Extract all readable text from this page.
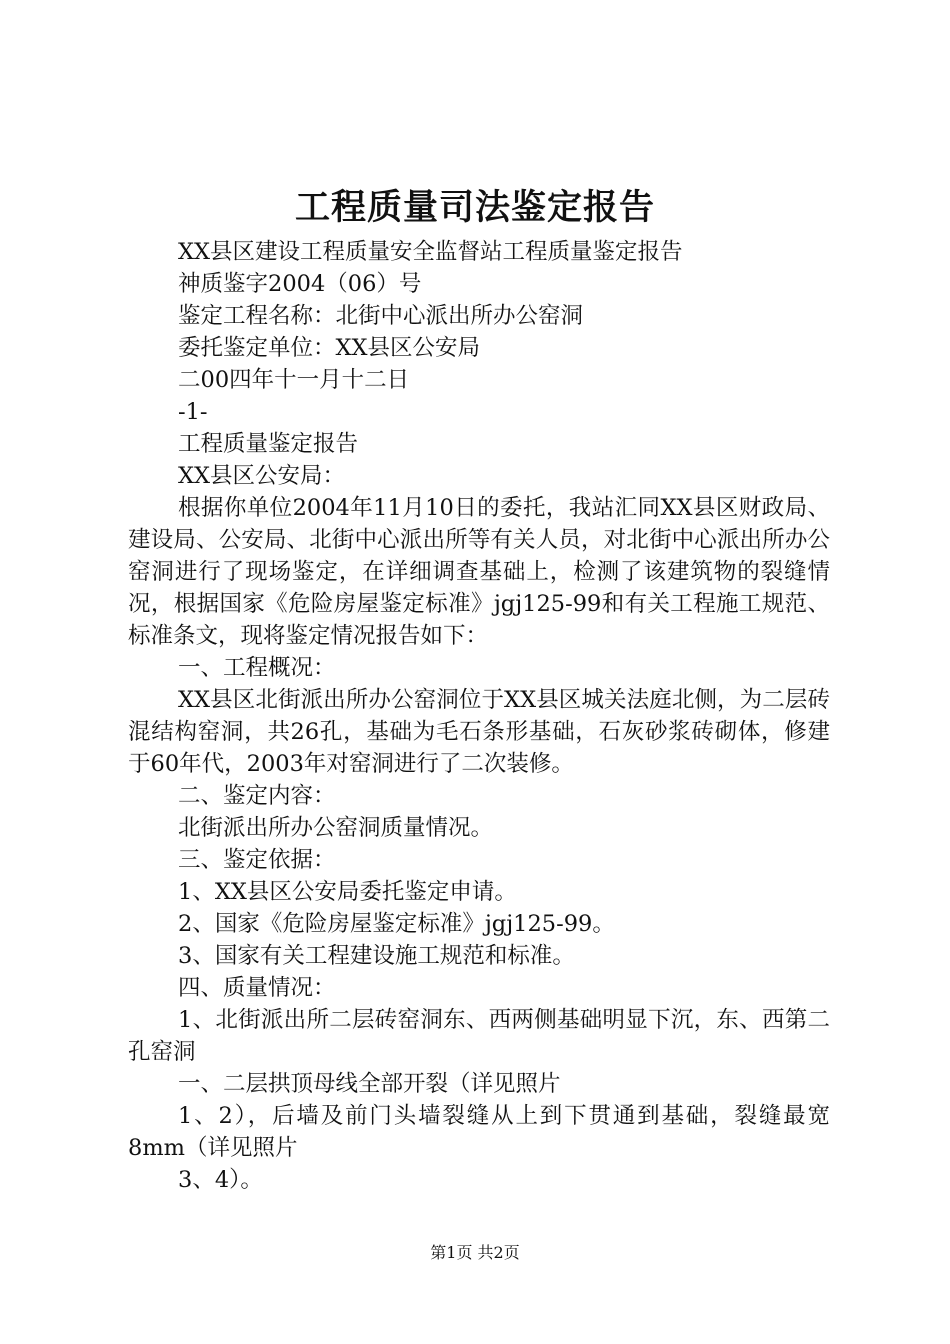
工程质量司法鉴定报告

XX县区建设工程质量安全监督站工程质量鉴定报告

神质鉴字2004（06）号

鉴定工程名称：北街中心派出所办公窑洞

委托鉴定单位：XX县区公安局

二00四年十一月十二日

-1-

工程质量鉴定报告

XX县区公安局：

根据你单位2004年11月10日的委托，我站汇同XX县区财政局、建设局、公安局、北街中心派出所等有关人员，对北街中心派出所办公窑洞进行了现场鉴定，在详细调查基础上，检测了该建筑物的裂缝情况，根据国家《危险房屋鉴定标准》jgj125-99和有关工程施工规范、标准条文，现将鉴定情况报告如下：

一、工程概况：

XX县区北街派出所办公窑洞位于XX县区城关法庭北侧，为二层砖混结构窑洞，共26孔，基础为毛石条形基础，石灰砂浆砖砌体，修建于60年代，2003年对窑洞进行了二次装修。

二、鉴定内容：

北街派出所办公窑洞质量情况。

三、鉴定依据：

1、XX县区公安局委托鉴定申请。

2、国家《危险房屋鉴定标准》jgj125-99。

3、国家有关工程建设施工规范和标准。

四、质量情况：

1、北街派出所二层砖窑洞东、西两侧基础明显下沉，东、西第二孔窑洞

一、二层拱顶母线全部开裂（详见照片

1、2），后墙及前门头墙裂缝从上到下贯通到基础，裂缝最宽8mm（详见照片

3、4）。

第1页 共2页
